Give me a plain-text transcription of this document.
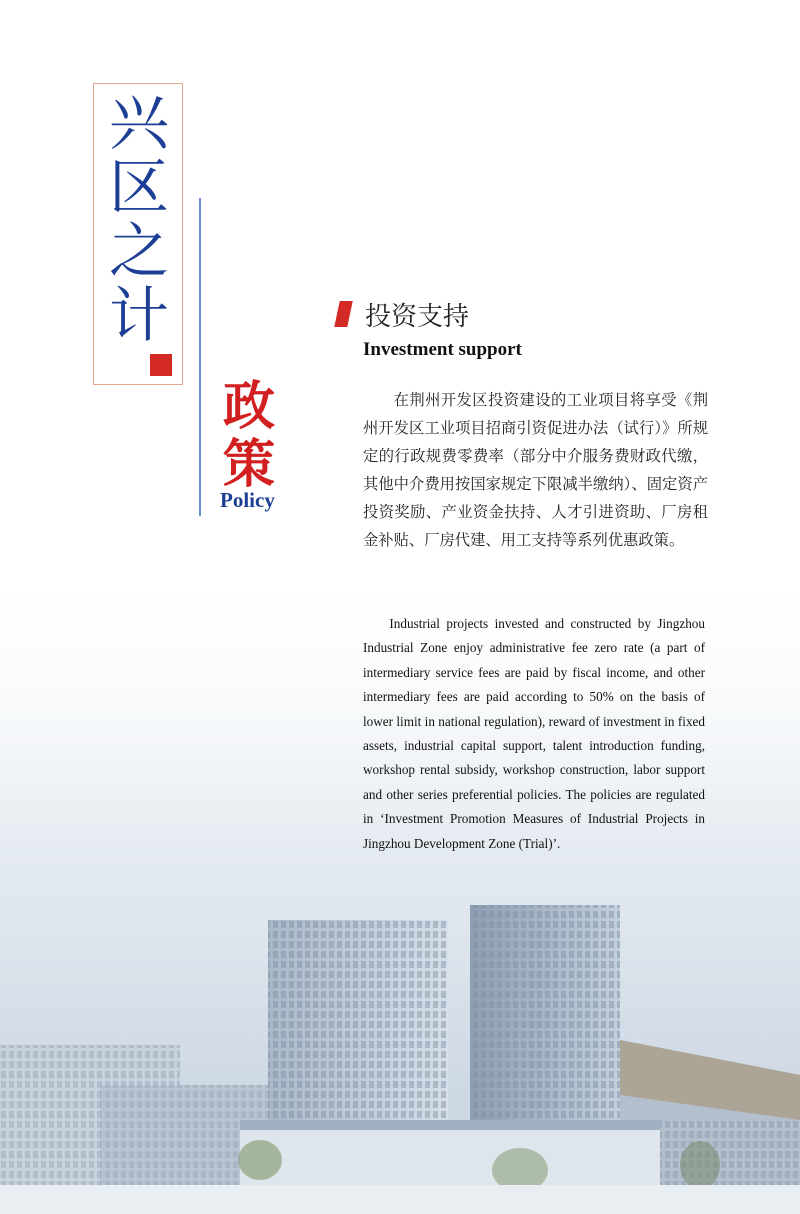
兴
区
之
计
政
策
Policy
投资支持
Investment support

在荆州开发区投资建设的工业项目将享受《荆州开发区工业项目招商引资促进办法（试行）》所规定的行政规费零费率（部分中介服务费财政代缴，其他中介费用按国家规定下限减半缴纳）、固定资产投资奖励、产业资金扶持、人才引进资助、厂房租金补贴、厂房代建、用工支持等系列优惠政策。

Industrial projects invested and constructed by Jingzhou Industrial Zone enjoy administrative fee zero rate (a part of intermediary service fees are paid by fiscal income, and other intermediary fees are paid according to 50% on the basis of lower limit in national regulation), reward of investment in fixed assets, industrial capital support, talent introduction funding, workshop rental subsidy, workshop construction, labor support and other series preferential policies. The policies are regulated in ‘Investment Promotion Measures of Industrial Projects in Jingzhou Development Zone (Trial)’.
